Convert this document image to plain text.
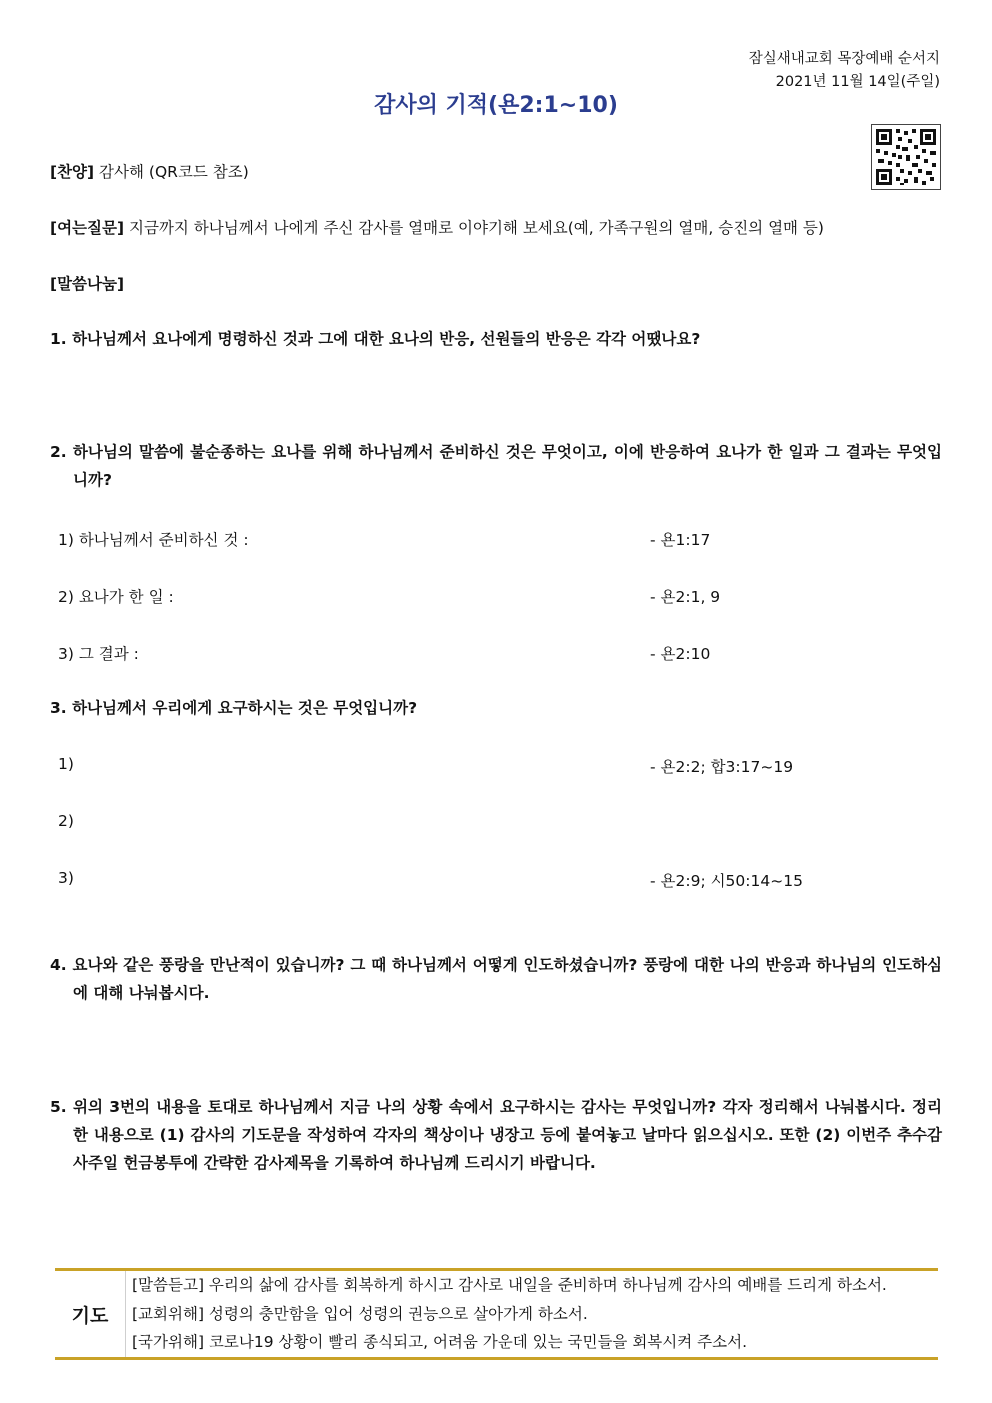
잠실새내교회 목장예배 순서지
2021년 11월 14일(주일)
감사의 기적(욘2:1~10)
[찬양] 감사해 (QR코드 참조)
[여는질문] 지금까지 하나님께서 나에게 주신 감사를 열매로 이야기해 보세요(예, 가족구원의 열매, 승진의 열매 등)
[말씀나눔]
1. 하나님께서 요나에게 명령하신 것과 그에 대한 요나의 반응, 선원들의 반응은 각각 어땠나요?
2. 하나님의 말씀에 불순종하는 요나를 위해 하나님께서 준비하신 것은 무엇이고, 이에 반응하여 요나가 한 일과 그 결과는 무엇입니까?
1) 하나님께서 준비하신 것 :	- 욘1:17
2) 요나가 한 일 :	- 욘2:1, 9
3) 그 결과 :	- 욘2:10
3. 하나님께서 우리에게 요구하시는 것은 무엇입니까?
1)	- 욘2:2; 합3:17~19
2)
3)	- 욘2:9; 시50:14~15
4. 요나와 같은 풍랑을 만난적이 있습니까? 그 때 하나님께서 어떻게 인도하셨습니까? 풍랑에 대한 나의 반응과 하나님의 인도하심에 대해 나눠봅시다.
5. 위의 3번의 내용을 토대로 하나님께서 지금 나의 상황 속에서 요구하시는 감사는 무엇입니까? 각자 정리해서 나눠봅시다. 정리한 내용으로 (1) 감사의 기도문을 작성하여 각자의 책상이나 냉장고 등에 붙여놓고 날마다 읽으십시오. 또한 (2) 이번주 추수감사주일 헌금봉투에 간략한 감사제목을 기록하여 하나님께 드리시기 바랍니다.
기도
[말씀듣고] 우리의 삶에 감사를 회복하게 하시고 감사로 내일을 준비하며 하나님께 감사의 예배를 드리게 하소서.
[교회위해] 성령의 충만함을 입어 성령의 권능으로 살아가게 하소서.
[국가위해] 코로나19 상황이 빨리 종식되고, 어려움 가운데 있는 국민들을 회복시켜 주소서.
